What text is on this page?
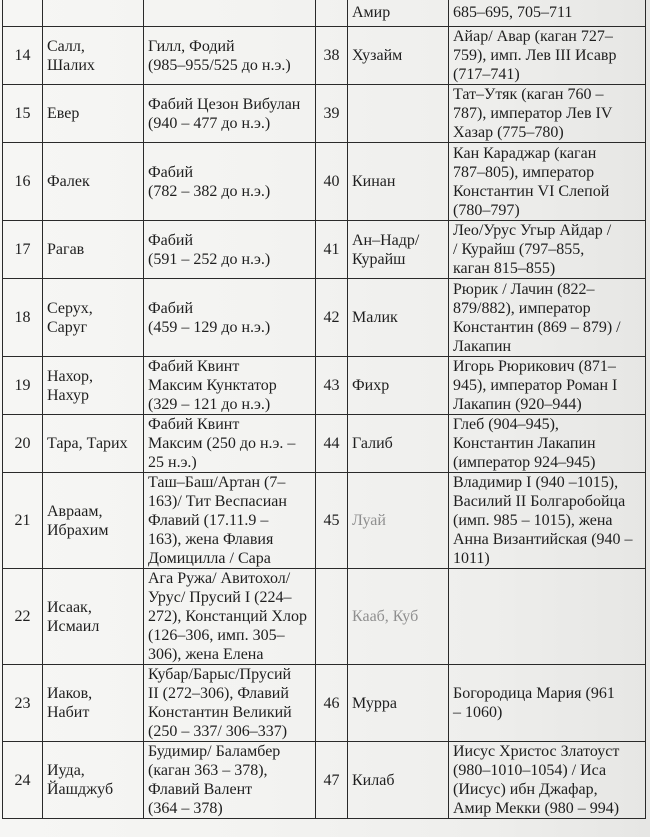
				Амир	685–695, 705–711
14	Салл,
Шалих	Гилл, Фодий
(985–955/525 до н.э.)	38	Хузайм	Айар/ Авар (каган 727–
759), имп. Лев III Исавр
(717–741)
15	Евер	Фабий Цезон Вибулан
(940 – 477 до н.э.)	39		Тат–Утяк (каган 760 –
787), император Лев IV
Хазар (775–780)
16	Фалек	Фабий
(782 – 382 до н.э.)	40	Кинан	Кан Караджар (каган
787–805), император
Константин VI Слепой
(780–797)
17	Рагав	Фабий
(591 – 252 до н.э.)	41	Ан–Надр/
Курайш	Лео/Урус Угыр Айдар /
/ Курайш (797–855,
каган 815–855)
18	Серух,
Саруг	Фабий
(459 – 129 до н.э.)	42	Малик	Рюрик / Лачин (822–
879/882), император
Константин (869 – 879) /
Лакапин
19	Нахор,
Нахур	Фабий Квинт
Максим Кунктатор
(329 – 121 до н.э.)	43	Фихр	Игорь Рюрикович (871–
945), император Роман I
Лакапин (920–944)
20	Тара, Тарих	Фабий Квинт
Максим (250 до н.э. –
25 н.э.)	44	Галиб	Глеб (904–945),
Константин Лакапин
(император 924–945)
21	Авраам,
Ибрахим	Таш–Баш/Артан (7–
163)/ Тит Веспасиан
Флавий (17.11.9 –
163), жена Флавия
Домицилла / Сара	45	Луай	Владимир I (940 –1015),
Василий II Болгаробойца
(имп. 985 – 1015), жена
Анна Византийская (940 –
1011)
22	Исаак,
Исмаил	Ага Ружа/ Авитохол/
Урус/ Прусий I (224–
272), Констанций Хлор
(126–306, имп. 305–
306), жена Елена		Кааб, Куб	
23	Иаков,
Набит	Кубар/Барыс/Прусий
II (272–306), Флавий
Константин Великий
(250 – 337/ 306–337)	46	Мурра	Богородица Мария (961
– 1060)
24	Иуда,
Йашджуб	Будимир/ Баламбер
(каган 363 – 378),
Флавий Валент
(364 – 378)	47	Килаб	Иисус Христос Златоуст
(980–1010–1054) / Иса
(Иисус) ибн Джафар,
Амир Мекки (980 – 994)
